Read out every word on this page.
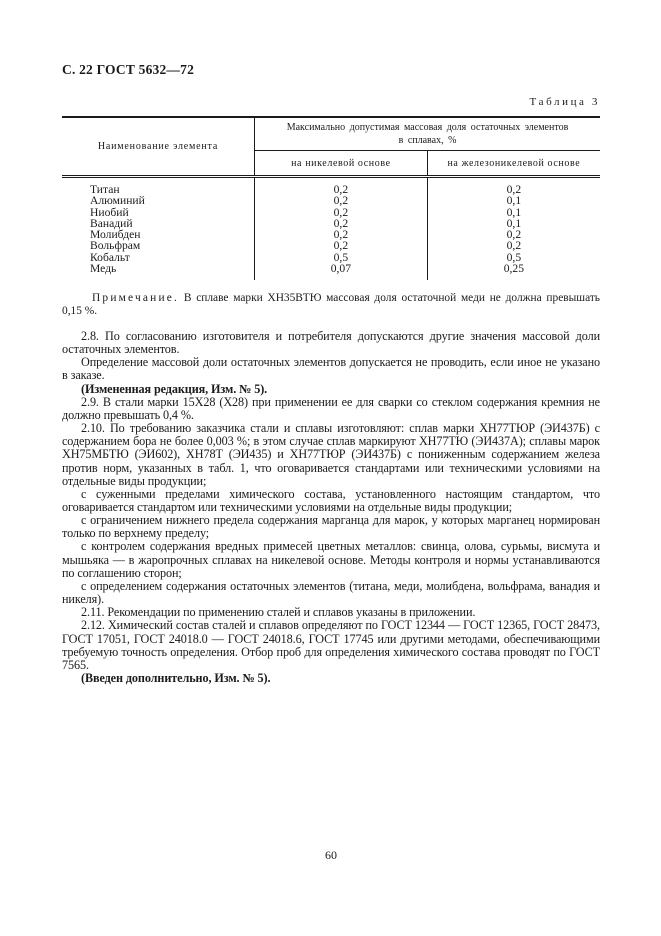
С. 22 ГОСТ 5632—72
Таблица 3
Наименование элемента	Максимально допустимая массовая доля остаточных элементов в сплавах, %	
	на никелевой основе	на железоникелевой основе
Титан	0,2	0,2
Алюминий	0,2	0,1
Ниобий	0,2	0,1
Ванадий	0,2	0,1
Молибден	0,2	0,2
Вольфрам	0,2	0,2
Кобальт	0,5	0,5
Медь	0,07	0,25

Примечание. В сплаве марки ХН35ВТЮ массовая доля остаточной меди не должна превышать 0,15 %.

2.8. По согласованию изготовителя и потребителя допускаются другие значения массовой доли остаточных элементов.

Определение массовой доли остаточных элементов допускается не проводить, если иное не указано в заказе.

(Измененная редакция, Изм. № 5).

2.9. В стали марки 15Х28 (Х28) при применении ее для сварки со стеклом содержания кремния не должно превышать 0,4 %.

2.10. По требованию заказчика стали и сплавы изготовляют: сплав марки ХН77ТЮР (ЭИ437Б) с содержанием бора не более 0,003 %; в этом случае сплав маркируют ХН77ТЮ (ЭИ437А); сплавы марок ХН75МБТЮ (ЭИ602), ХН78Т (ЭИ435) и ХН77ТЮР (ЭИ437Б) с пониженным содержанием железа против норм, указанных в табл. 1, что оговаривается стандартами или техническими условиями на отдельные виды продукции;

с суженными пределами химического состава, установленного настоящим стандартом, что оговаривается стандартом или техническими условиями на отдельные виды продукции;

с ограничением нижнего предела содержания марганца для марок, у которых марганец нормирован только по верхнему пределу;

с контролем содержания вредных примесей цветных металлов: свинца, олова, сурьмы, висмута и мышьяка — в жаропрочных сплавах на никелевой основе. Методы контроля и нормы устанавливаются по соглашению сторон;

с определением содержания остаточных элементов (титана, меди, молибдена, вольфрама, ванадия и никеля).

2.11. Рекомендации по применению сталей и сплавов указаны в приложении.

2.12. Химический состав сталей и сплавов определяют по ГОСТ 12344 — ГОСТ 12365, ГОСТ 28473, ГОСТ 17051, ГОСТ 24018.0 — ГОСТ 24018.6, ГОСТ 17745 или другими методами, обеспечивающими требуемую точность определения. Отбор проб для определения химического состава проводят по ГОСТ 7565.

(Введен дополнительно, Изм. № 5).

60
